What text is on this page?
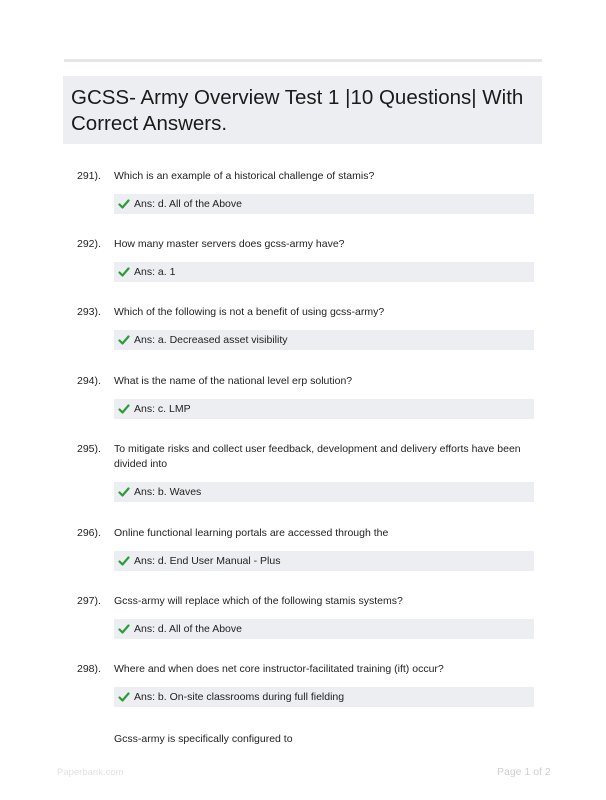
GCSS- Army Overview Test 1 |10 Questions| With Correct Answers.
291). Which is an example of a historical challenge of stamis?
Ans: d. All of the Above
292). How many master servers does gcss-army have?
Ans: a. 1
293). Which of the following is not a benefit of using gcss-army?
Ans: a. Decreased asset visibility
294). What is the name of the national level erp solution?
Ans: c. LMP
295). To mitigate risks and collect user feedback, development and delivery efforts have been divided into
Ans: b. Waves
296). Online functional learning portals are accessed through the
Ans: d. End User Manual - Plus
297). Gcss-army will replace which of the following stamis systems?
Ans: d. All of the Above
298). Where and when does net core instructor-facilitated training (ift) occur?
Ans: b. On-site classrooms during full fielding
Gcss-army is specifically configured to
Paperbank.com	Page 1 of 2
